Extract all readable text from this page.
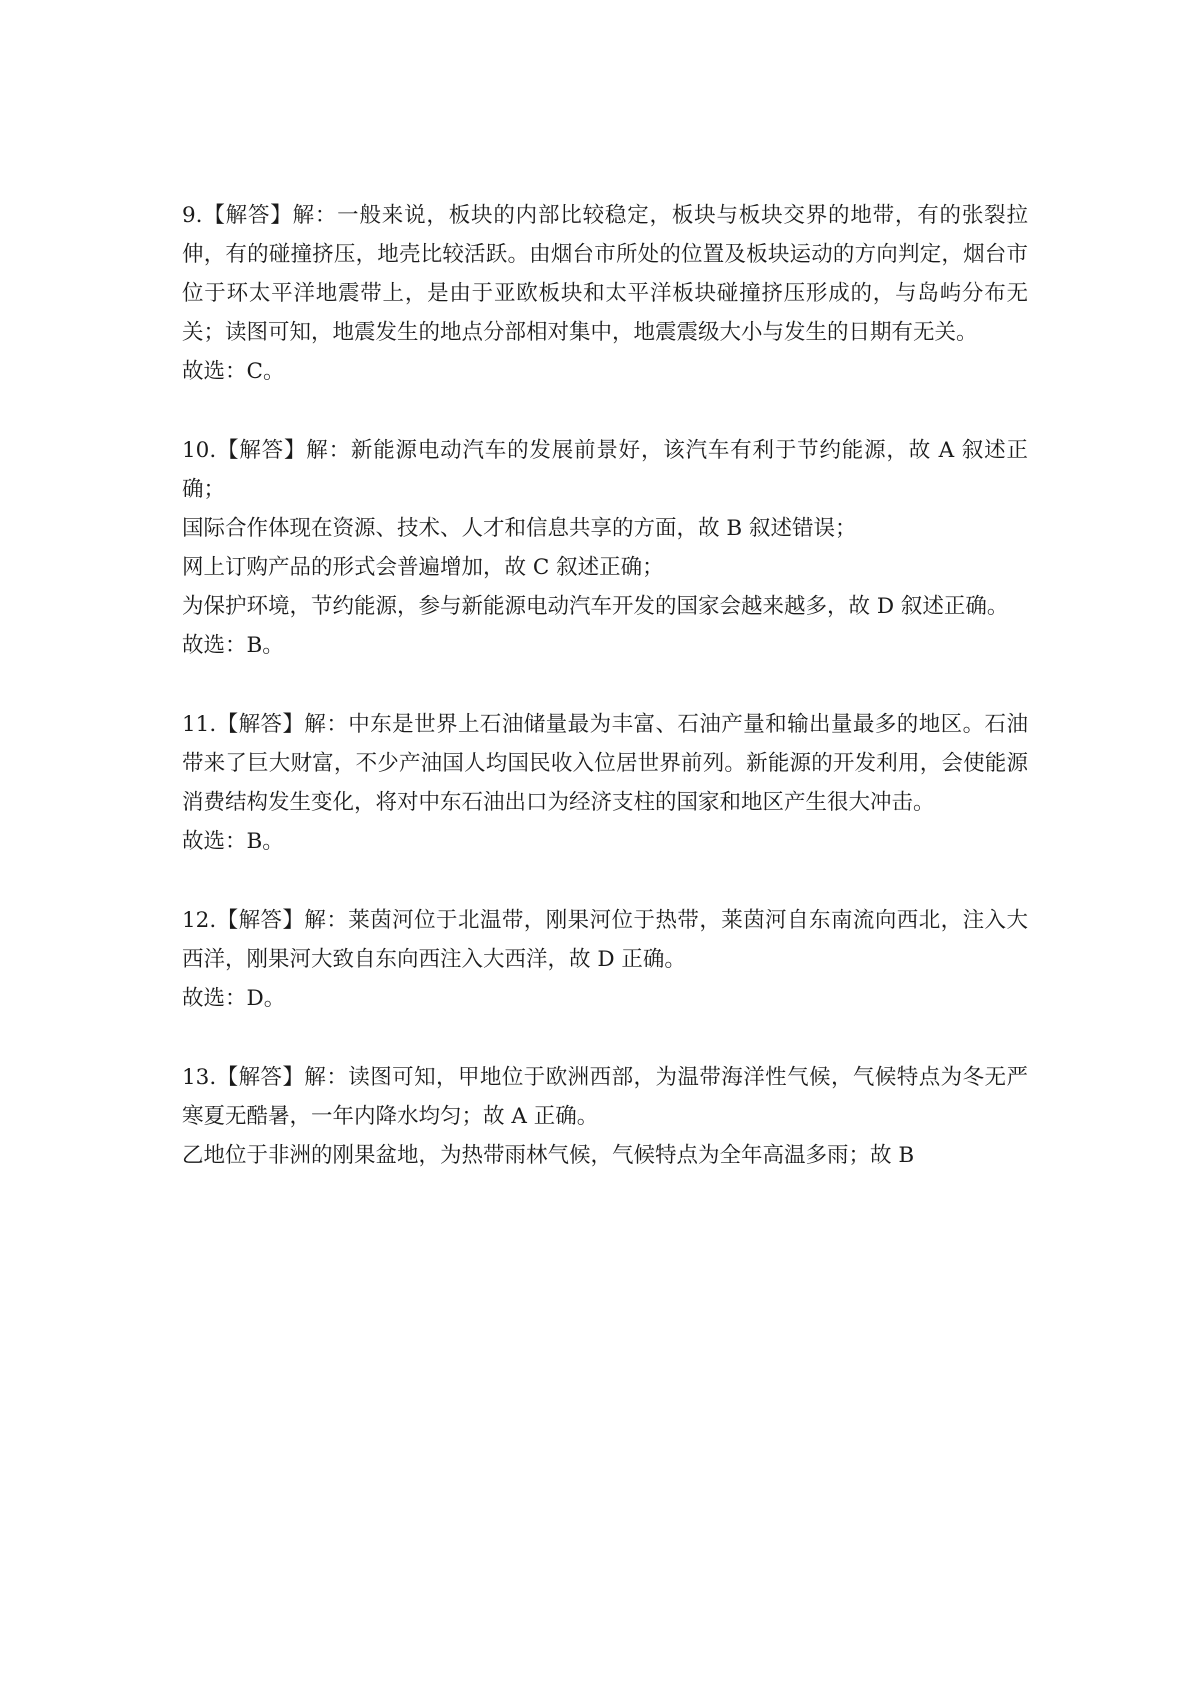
9.【解答】解：一般来说，板块的内部比较稳定，板块与板块交界的地带，有的张裂拉伸，有的碰撞挤压，地壳比较活跃。由烟台市所处的位置及板块运动的方向判定，烟台市位于环太平洋地震带上，是由于亚欧板块和太平洋板块碰撞挤压形成的，与岛屿分布无关；读图可知，地震发生的地点分部相对集中，地震震级大小与发生的日期有无关。

故选：C。

10.【解答】解：新能源电动汽车的发展前景好，该汽车有利于节约能源，故 A 叙述正确；

国际合作体现在资源、技术、人才和信息共享的方面，故 B 叙述错误；

网上订购产品的形式会普遍增加，故 C 叙述正确；

为保护环境，节约能源，参与新能源电动汽车开发的国家会越来越多，故 D 叙述正确。

故选：B。

11.【解答】解：中东是世界上石油储量最为丰富、石油产量和输出量最多的地区。石油带来了巨大财富，不少产油国人均国民收入位居世界前列。新能源的开发利用，会使能源消费结构发生变化，将对中东石油出口为经济支柱的国家和地区产生很大冲击。

故选：B。

12.【解答】解：莱茵河位于北温带，刚果河位于热带，莱茵河自东南流向西北，注入大西洋，刚果河大致自东向西注入大西洋，故 D 正确。

故选：D。

13.【解答】解：读图可知，甲地位于欧洲西部，为温带海洋性气候，气候特点为冬无严寒夏无酷暑，一年内降水均匀；故 A 正确。

乙地位于非洲的刚果盆地，为热带雨林气候，气候特点为全年高温多雨；故 B
